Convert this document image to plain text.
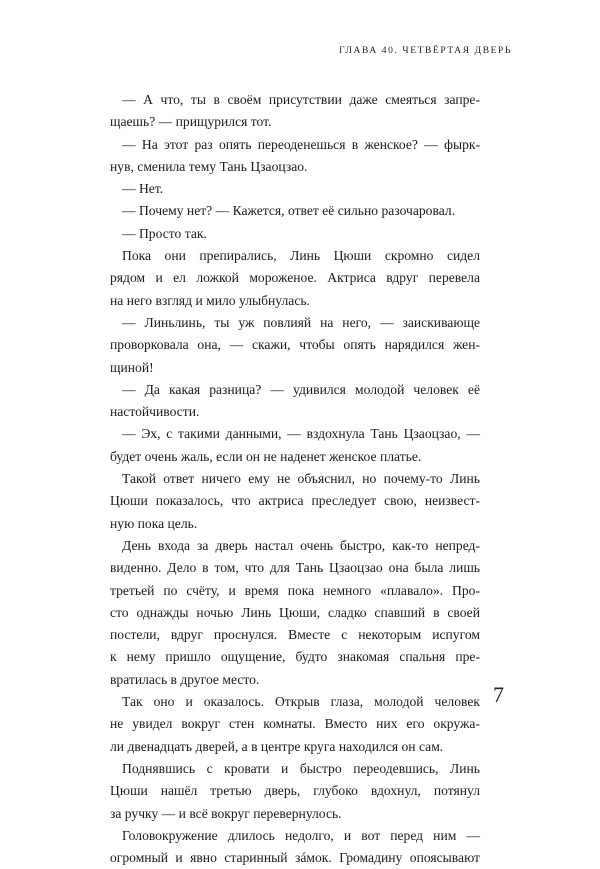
ГЛАВА 40. ЧЕТВЁРТАЯ ДВЕРЬ
— А что, ты в своём присутствии даже смеяться запре-
щаешь? — прищурился тот.
— На этот раз опять переоденешься в женское? — фырк-
нув, сменила тему Тань Цзаоцзао.
— Нет.
— Почему нет? — Кажется, ответ её сильно разочаровал.
— Просто так.
Пока они препирались, Линь Цюши скромно сидел
рядом и ел ложкой мороженое. Актриса вдруг перевела
на него взгляд и мило улыбнулась.
— Линьлинь, ты уж повлияй на него, — заискивающе
проворковала она, — скажи, чтобы опять нарядился жен-
щиной!
— Да какая разница? — удивился молодой человек её
настойчивости.
— Эх, с такими данными, — вздохнула Тань Цзаоцзао, —
будет очень жаль, если он не наденет женское платье.
Такой ответ ничего ему не объяснил, но почему-то Линь
Цюши показалось, что актриса преследует свою, неизвест-
ную пока цель.
День входа за дверь настал очень быстро, как-то непред-
виденно. Дело в том, что для Тань Цзаоцзао она была лишь
третьей по счёту, и время пока немного «плавало». Про-
сто однажды ночью Линь Цюши, сладко спавший в своей
постели, вдруг проснулся. Вместе с некоторым испугом
к нему пришло ощущение, будто знакомая спальня пре-
вратилась в другое место.
Так оно и оказалось. Открыв глаза, молодой человек
не увидел вокруг стен комнаты. Вместо них его окружа-
ли двенадцать дверей, а в центре круга находился он сам.
Поднявшись с кровати и быстро переодевшись, Линь
Цюши нашёл третью дверь, глубоко вдохнул, потянул
за ручку — и всё вокруг перевернулось.
Головокружение длилось недолго, и вот перед ним —
огромный и явно старинный зáмок. Громадину опоясывают
7
